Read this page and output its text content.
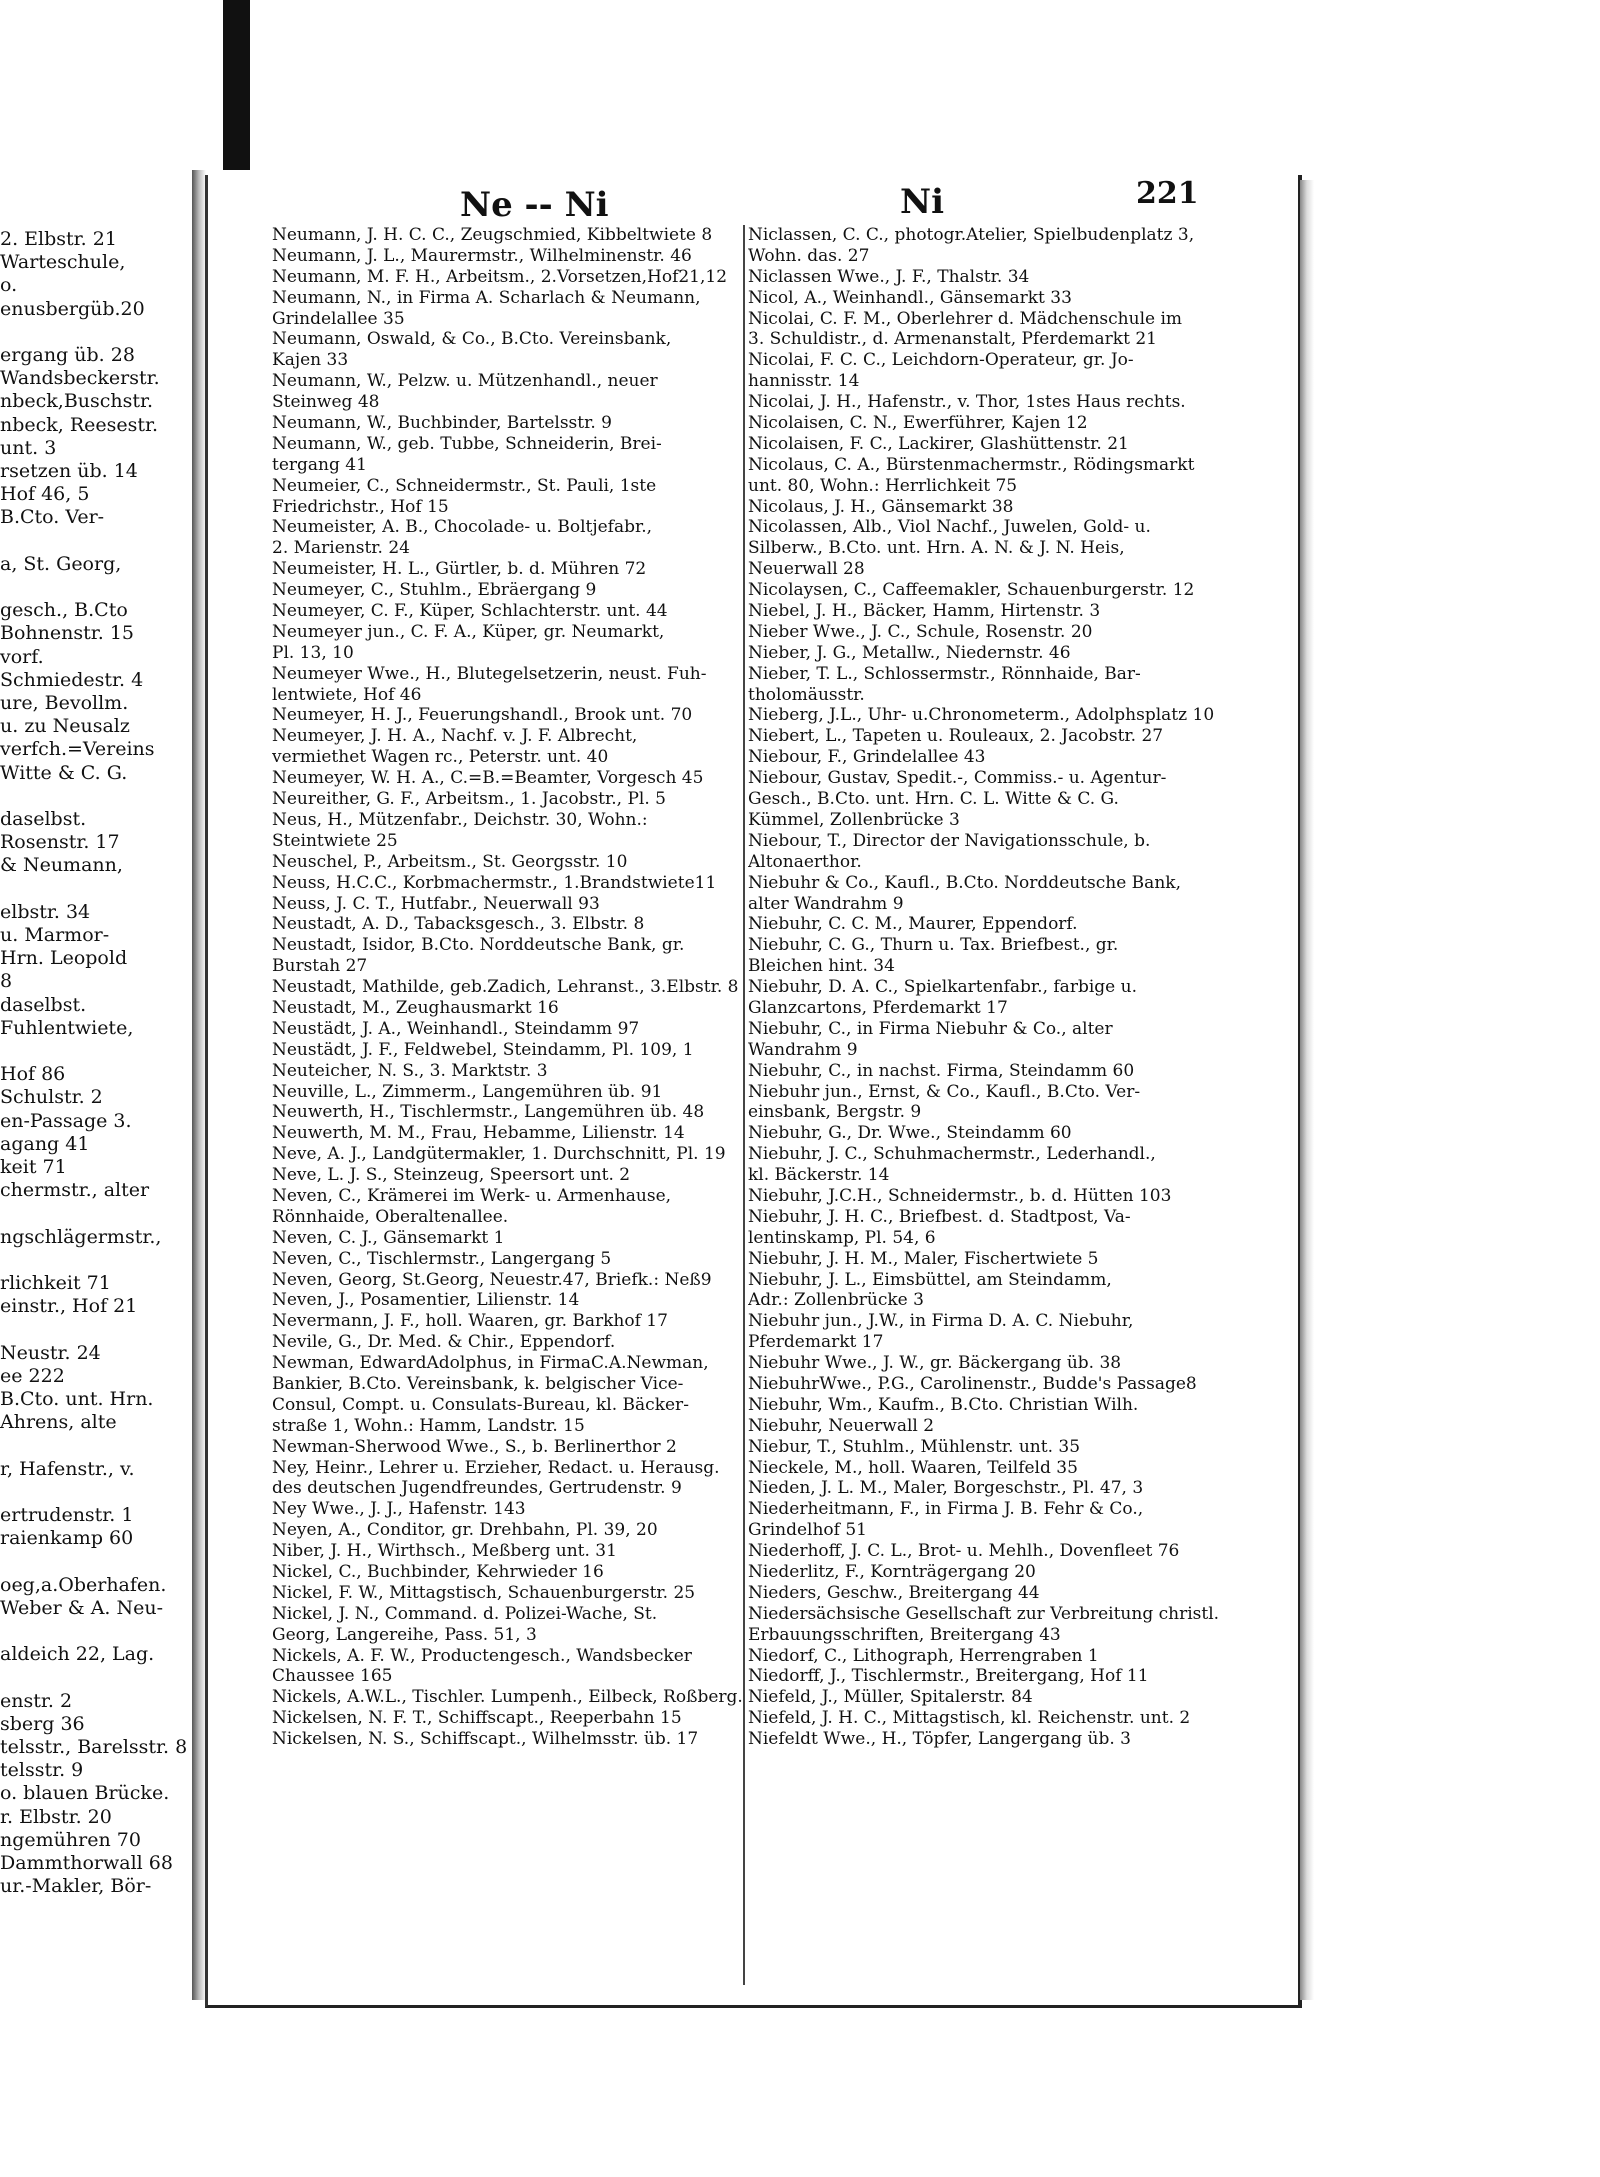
2. Elbstr. 21
Warteschule,
o.
enusbergüb.20
ergang üb. 28
Wandsbeckerstr.
nbeck,Buschstr.
nbeck, Reesestr.
unt. 3
rsetzen üb. 14
Hof 46, 5
B.Cto. Ver-
a, St. Georg,
gesch., B.Cto
Bohnenstr. 15
vorf.
Schmiedestr. 4
ure, Bevollm.
u. zu Neusalz
verfch.=Vereins
Witte & C. G.
daselbst.
Rosenstr. 17
& Neumann,
elbstr. 34
u. Marmor-
Hrn. Leopold
8
daselbst.
Fuhlentwiete,
Hof 86
Schulstr. 2
en-Passage 3.
agang 41
keit 71
chermstr., alter
ngschlägermstr.,
rlichkeit 71
einstr., Hof 21
Neustr. 24
ee 222
B.Cto. unt. Hrn.
Ahrens, alte
r, Hafenstr., v.
ertrudenstr. 1
raienkamp 60
oeg,a.Oberhafen.
Weber & A. Neu-
aldeich 22, Lag.
enstr. 2
sberg 36
telsstr., Barelsstr. 8
telsstr. 9
o. blauen Brücke.
r. Elbstr. 20
ngemühren 70
Dammthorwall 68
ur.-Makler, Bör-
Ne -- Ni	Ni	221
Neumann, J. H. C. C., Zeugschmied, Kibbeltwiete 8
Neumann, J. L., Maurermstr., Wilhelminenstr. 46
Neumann, M. F. H., Arbeitsm., 2.Vorsetzen,Hof21,12
Neumann, N., in Firma A. Scharlach & Neumann,
Grindelallee 35
Neumann, Oswald, & Co., B.Cto. Vereinsbank,
Kajen 33
Neumann, W., Pelzw. u. Mützenhandl., neuer
Steinweg 48
Neumann, W., Buchbinder, Bartelsstr. 9
Neumann, W., geb. Tubbe, Schneiderin, Brei-
tergang 41
Neumeier, C., Schneidermstr., St. Pauli, 1ste
Friedrichstr., Hof 15
Neumeister, A. B., Chocolade- u. Boltjefabr.,
2. Marienstr. 24
Neumeister, H. L., Gürtler, b. d. Mühren 72
Neumeyer, C., Stuhlm., Ebräergang 9
Neumeyer, C. F., Küper, Schlachterstr. unt. 44
Neumeyer jun., C. F. A., Küper, gr. Neumarkt,
Pl. 13, 10
Neumeyer Wwe., H., Blutegelsetzerin, neust. Fuh-
lentwiete, Hof 46
Neumeyer, H. J., Feuerungshandl., Brook unt. 70
Neumeyer, J. H. A., Nachf. v. J. F. Albrecht,
vermiethet Wagen rc., Peterstr. unt. 40
Neumeyer, W. H. A., C.=B.=Beamter, Vorgesch 45
Neureither, G. F., Arbeitsm., 1. Jacobstr., Pl. 5
Neus, H., Mützenfabr., Deichstr. 30, Wohn.:
Steintwiete 25
Neuschel, P., Arbeitsm., St. Georgsstr. 10
Neuss, H.C.C., Korbmachermstr., 1.Brandstwiete11
Neuss, J. C. T., Hutfabr., Neuerwall 93
Neustadt, A. D., Tabacksgesch., 3. Elbstr. 8
Neustadt, Isidor, B.Cto. Norddeutsche Bank, gr.
Burstah 27
Neustadt, Mathilde, geb.Zadich, Lehranst., 3.Elbstr. 8
Neustadt, M., Zeughausmarkt 16
Neustädt, J. A., Weinhandl., Steindamm 97
Neustädt, J. F., Feldwebel, Steindamm, Pl. 109, 1
Neuteicher, N. S., 3. Marktstr. 3
Neuville, L., Zimmerm., Langemühren üb. 91
Neuwerth, H., Tischlermstr., Langemühren üb. 48
Neuwerth, M. M., Frau, Hebamme, Lilienstr. 14
Neve, A. J., Landgütermakler, 1. Durchschnitt, Pl. 19
Neve, L. J. S., Steinzeug, Speersort unt. 2
Neven, C., Krämerei im Werk- u. Armenhause,
Rönnhaide, Oberaltenallee.
Neven, C. J., Gänsemarkt 1
Neven, C., Tischlermstr., Langergang 5
Neven, Georg, St.Georg, Neuestr.47, Briefk.: Neß9
Neven, J., Posamentier, Lilienstr. 14
Nevermann, J. F., holl. Waaren, gr. Barkhof 17
Nevile, G., Dr. Med. & Chir., Eppendorf.
Newman, EdwardAdolphus, in FirmaC.A.Newman,
Bankier, B.Cto. Vereinsbank, k. belgischer Vice-
Consul, Compt. u. Consulats-Bureau, kl. Bäcker-
straße 1, Wohn.: Hamm, Landstr. 15
Newman-Sherwood Wwe., S., b. Berlinerthor 2
Ney, Heinr., Lehrer u. Erzieher, Redact. u. Herausg.
des deutschen Jugendfreundes, Gertrudenstr. 9
Ney Wwe., J. J., Hafenstr. 143
Neyen, A., Conditor, gr. Drehbahn, Pl. 39, 20
Niber, J. H., Wirthsch., Meßberg unt. 31
Nickel, C., Buchbinder, Kehrwieder 16
Nickel, F. W., Mittagstisch, Schauenburgerstr. 25
Nickel, J. N., Command. d. Polizei-Wache, St.
Georg, Langereihe, Pass. 51, 3
Nickels, A. F. W., Productengesch., Wandsbecker
Chaussee 165
Nickels, A.W.L., Tischler. Lumpenh., Eilbeck, Roßberg.
Nickelsen, N. F. T., Schiffscapt., Reeperbahn 15
Nickelsen, N. S., Schiffscapt., Wilhelmsstr. üb. 17
Niclassen, C. C., photogr.Atelier, Spielbudenplatz 3,
Wohn. das. 27
Niclassen Wwe., J. F., Thalstr. 34
Nicol, A., Weinhandl., Gänsemarkt 33
Nicolai, C. F. M., Oberlehrer d. Mädchenschule im
3. Schuldistr., d. Armenanstalt, Pferdemarkt 21
Nicolai, F. C. C., Leichdorn-Operateur, gr. Jo-
hannisstr. 14
Nicolai, J. H., Hafenstr., v. Thor, 1stes Haus rechts.
Nicolaisen, C. N., Ewerführer, Kajen 12
Nicolaisen, F. C., Lackirer, Glashüttenstr. 21
Nicolaus, C. A., Bürstenmachermstr., Rödingsmarkt
unt. 80, Wohn.: Herrlichkeit 75
Nicolaus, J. H., Gänsemarkt 38
Nicolassen, Alb., Viol Nachf., Juwelen, Gold- u.
Silberw., B.Cto. unt. Hrn. A. N. & J. N. Heis,
Neuerwall 28
Nicolaysen, C., Caffeemakler, Schauenburgerstr. 12
Niebel, J. H., Bäcker, Hamm, Hirtenstr. 3
Nieber Wwe., J. C., Schule, Rosenstr. 20
Nieber, J. G., Metallw., Niedernstr. 46
Nieber, T. L., Schlossermstr., Rönnhaide, Bar-
tholomäusstr.
Nieberg, J.L., Uhr- u.Chronometerm., Adolphsplatz 10
Niebert, L., Tapeten u. Rouleaux, 2. Jacobstr. 27
Niebour, F., Grindelallee 43
Niebour, Gustav, Spedit.-, Commiss.- u. Agentur-
Gesch., B.Cto. unt. Hrn. C. L. Witte & C. G.
Kümmel, Zollenbrücke 3
Niebour, T., Director der Navigationsschule, b.
Altonaerthor.
Niebuhr & Co., Kaufl., B.Cto. Norddeutsche Bank,
alter Wandrahm 9
Niebuhr, C. C. M., Maurer, Eppendorf.
Niebuhr, C. G., Thurn u. Tax. Briefbest., gr.
Bleichen hint. 34
Niebuhr, D. A. C., Spielkartenfabr., farbige u.
Glanzcartons, Pferdemarkt 17
Niebuhr, C., in Firma Niebuhr & Co., alter
Wandrahm 9
Niebuhr, C., in nachst. Firma, Steindamm 60
Niebuhr jun., Ernst, & Co., Kaufl., B.Cto. Ver-
einsbank, Bergstr. 9
Niebuhr, G., Dr. Wwe., Steindamm 60
Niebuhr, J. C., Schuhmachermstr., Lederhandl.,
kl. Bäckerstr. 14
Niebuhr, J.C.H., Schneidermstr., b. d. Hütten 103
Niebuhr, J. H. C., Briefbest. d. Stadtpost, Va-
lentinskamp, Pl. 54, 6
Niebuhr, J. H. M., Maler, Fischertwiete 5
Niebuhr, J. L., Eimsbüttel, am Steindamm,
Adr.: Zollenbrücke 3
Niebuhr jun., J.W., in Firma D. A. C. Niebuhr,
Pferdemarkt 17
Niebuhr Wwe., J. W., gr. Bäckergang üb. 38
NiebuhrWwe., P.G., Carolinenstr., Budde's Passage8
Niebuhr, Wm., Kaufm., B.Cto. Christian Wilh.
Niebuhr, Neuerwall 2
Niebur, T., Stuhlm., Mühlenstr. unt. 35
Nieckele, M., holl. Waaren, Teilfeld 35
Nieden, J. L. M., Maler, Borgeschstr., Pl. 47, 3
Niederheitmann, F., in Firma J. B. Fehr & Co.,
Grindelhof 51
Niederhoff, J. C. L., Brot- u. Mehlh., Dovenfleet 76
Niederlitz, F., Kornträgergang 20
Nieders, Geschw., Breitergang 44
Niedersächsische Gesellschaft zur Verbreitung christl.
Erbauungsschriften, Breitergang 43
Niedorf, C., Lithograph, Herrengraben 1
Niedorff, J., Tischlermstr., Breitergang, Hof 11
Niefeld, J., Müller, Spitalerstr. 84
Niefeld, J. H. C., Mittagstisch, kl. Reichenstr. unt. 2
Niefeldt Wwe., H., Töpfer, Langergang üb. 3
